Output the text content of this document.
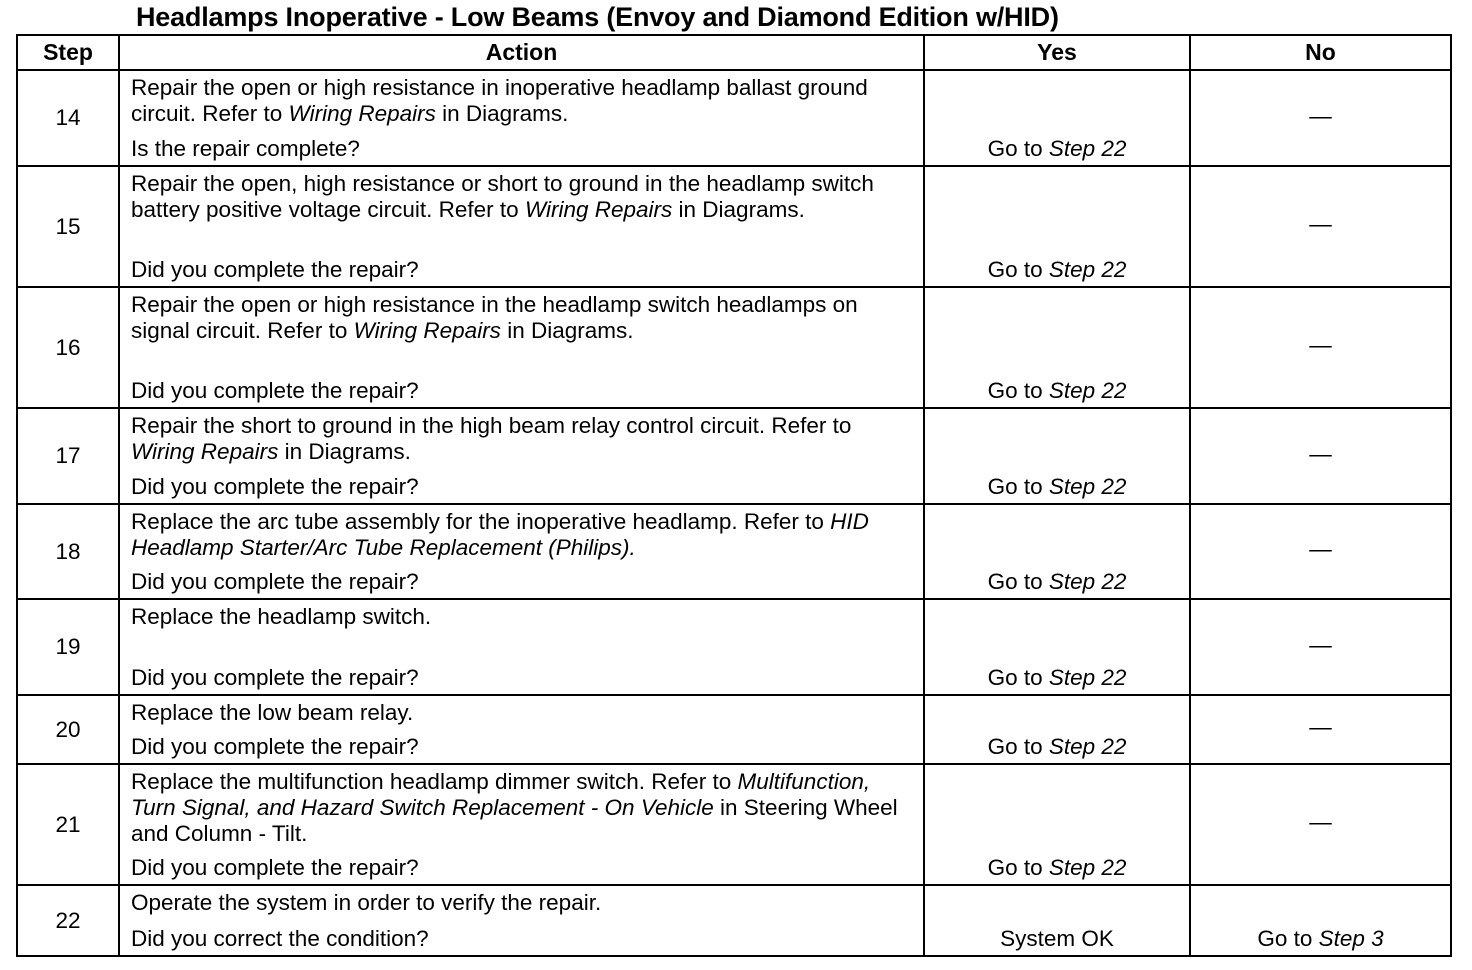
Headlamps Inoperative - Low Beams (Envoy and Diamond Edition w/HID)
Step	Action	Yes	No
14	Repair the open or high resistance in inoperative headlamp ballast ground circuit. Refer to Wiring Repairs in Diagrams.
Is the repair complete?	Go to Step 22	—

15	Repair the open, high resistance or short to ground in the headlamp switch battery positive voltage circuit. Refer to Wiring Repairs in Diagrams.
Did you complete the repair?	Go to Step 22	—

16	Repair the open or high resistance in the headlamp switch headlamps on signal circuit. Refer to Wiring Repairs in Diagrams.
Did you complete the repair?	Go to Step 22	—

17	Repair the short to ground in the high beam relay control circuit. Refer to Wiring Repairs in Diagrams.
Did you complete the repair?	Go to Step 22	—

18	Replace the arc tube assembly for the inoperative headlamp. Refer to HID Headlamp Starter/Arc Tube Replacement (Philips).
Did you complete the repair?	Go to Step 22	—

19	Replace the headlamp switch.
Did you complete the repair?	Go to Step 22	—

20	Replace the low beam relay.
Did you complete the repair?	Go to Step 22	—

21	Replace the multifunction headlamp dimmer switch. Refer to Multifunction, Turn Signal, and Hazard Switch Replacement - On Vehicle in Steering Wheel and Column - Tilt.
Did you complete the repair?	Go to Step 22	—

22	Operate the system in order to verify the repair.
Did you correct the condition?	System OK	Go to Step 3
